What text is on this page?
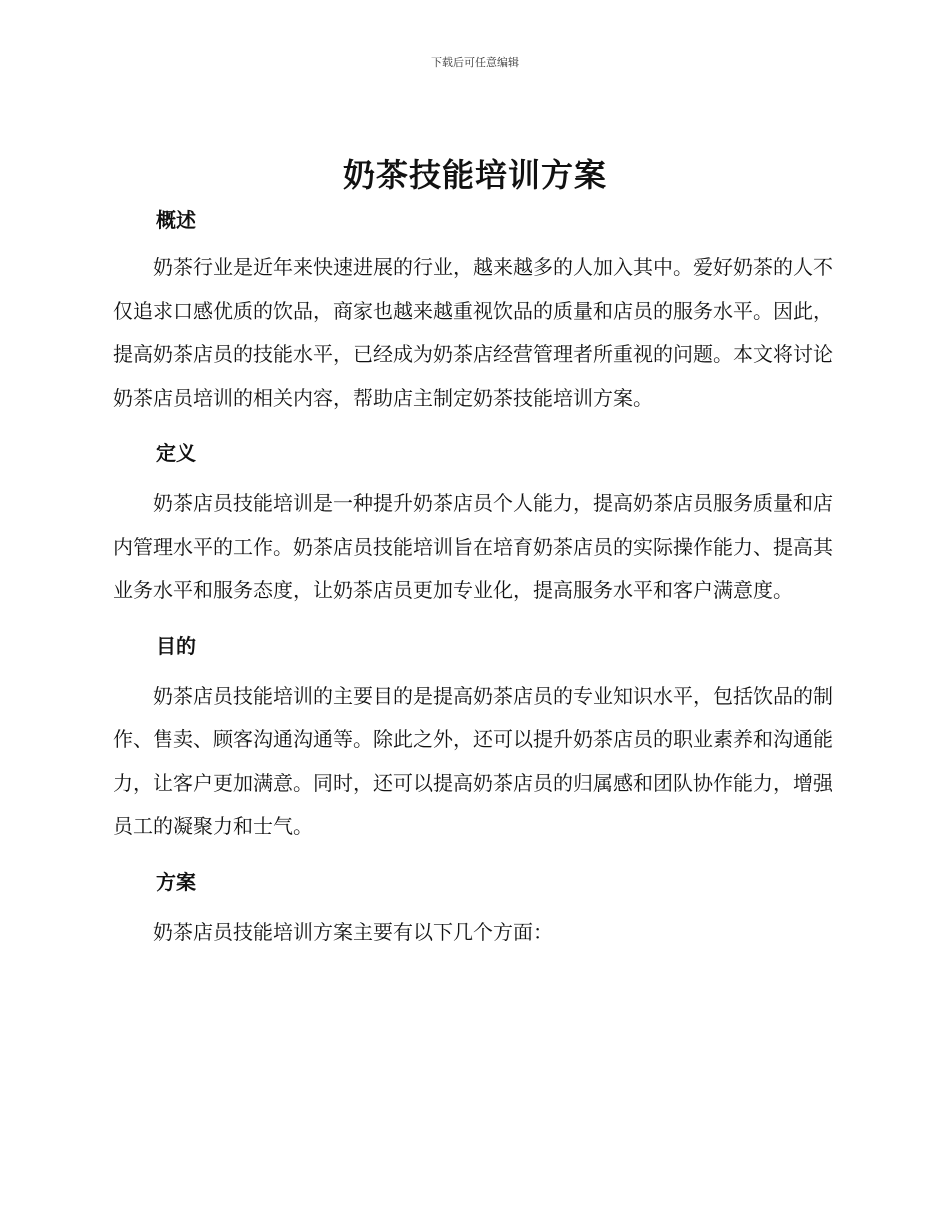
下载后可任意编辑
奶茶技能培训方案
概述

奶茶行业是近年来快速进展的行业，越来越多的人加入其中。爱好奶茶的人不仅追求口感优质的饮品，商家也越来越重视饮品的质量和店员的服务水平。因此，提高奶茶店员的技能水平，已经成为奶茶店经营管理者所重视的问题。本文将讨论奶茶店员培训的相关内容，帮助店主制定奶茶技能培训方案。

定义

奶茶店员技能培训是一种提升奶茶店员个人能力，提高奶茶店员服务质量和店内管理水平的工作。奶茶店员技能培训旨在培育奶茶店员的实际操作能力、提高其业务水平和服务态度，让奶茶店员更加专业化，提高服务水平和客户满意度。

目的

奶茶店员技能培训的主要目的是提高奶茶店员的专业知识水平，包括饮品的制作、售卖、顾客沟通沟通等。除此之外，还可以提升奶茶店员的职业素养和沟通能力，让客户更加满意。同时，还可以提高奶茶店员的归属感和团队协作能力，增强员工的凝聚力和士气。

方案

奶茶店员技能培训方案主要有以下几个方面：
